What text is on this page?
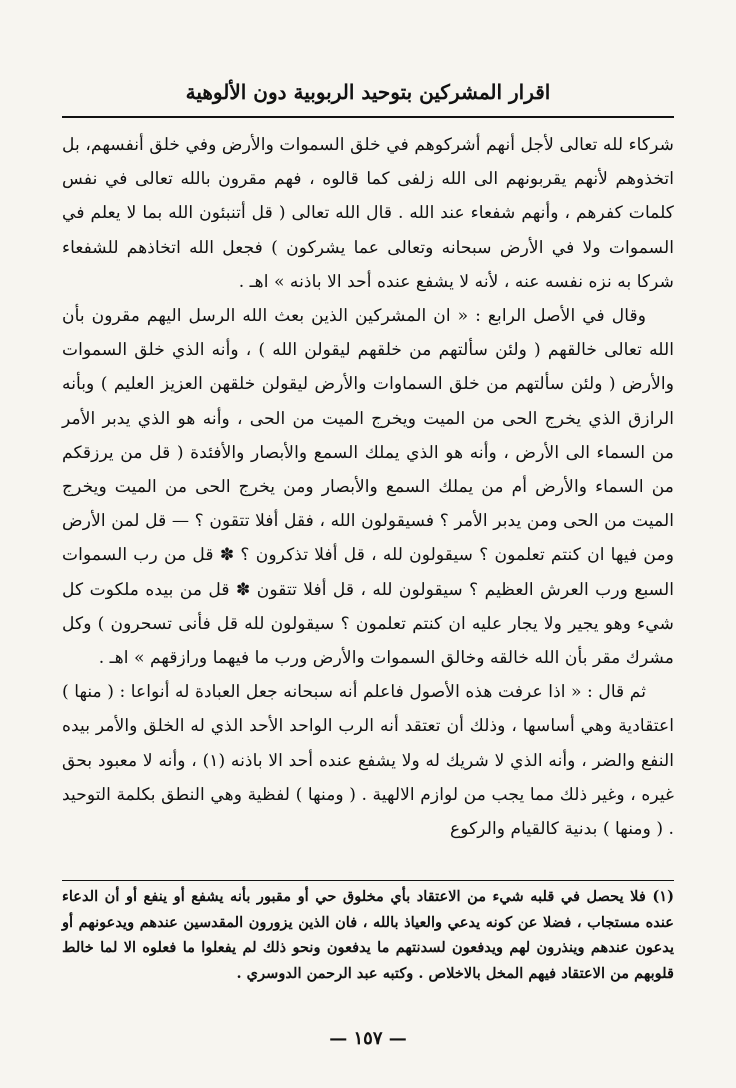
اقرار المشركين بتوحيد الربوبية دون الألوهية

شركاء لله تعالى لأجل أنهم أشركوهم في خلق السموات والأرض وفي خلق أنفسهم، بل اتخذوهم لأنهم يقربونهم الى الله زلفى كما قالوه ، فهم مقرون بالله تعالى في نفس كلمات كفرهم ، وأنهم شفعاء عند الله . قال الله تعالى ( قل أتنبئون الله بما لا يعلم في السموات ولا في الأرض سبحانه وتعالى عما يشركون ) فجعل الله اتخاذهم للشفعاء شركا به نزه نفسه عنه ، لأنه لا يشفع عنده أحد الا باذنه » اهـ .

وقال في الأصل الرابع : « ان المشركين الذين بعث الله الرسل اليهم مقرون بأن الله تعالى خالقهم ( ولئن سألتهم من خلقهم ليقولن الله ) ، وأنه الذي خلق السموات والأرض ( ولئن سألتهم من خلق السماوات والأرض ليقولن خلقهن العزيز العليم ) وبأنه الرازق الذي يخرج الحى من الميت ويخرج الميت من الحى ، وأنه هو الذي يدبر الأمر من السماء الى الأرض ، وأنه هو الذي يملك السمع والأبصار والأفئدة ( قل من يرزقكم من السماء والأرض أم من يملك السمع والأبصار ومن يخرج الحى من الميت ويخرج الميت من الحى ومن يدبر الأمر ؟ فسيقولون الله ، فقل أفلا تتقون ؟ — قل لمن الأرض ومن فيها ان كنتم تعلمون ؟ سيقولون لله ، قل أفلا تذكرون ؟ ✽ قل من رب السموات السبع ورب العرش العظيم ؟ سيقولون لله ، قل أفلا تتقون ✽ قل من بيده ملكوت كل شيء وهو يجير ولا يجار عليه ان كنتم تعلمون ؟ سيقولون لله قل فأنى تسحرون ) وكل مشرك مقر بأن الله خالقه وخالق السموات والأرض ورب ما فيهما ورازقهم » اهـ .

ثم قال : « اذا عرفت هذه الأصول فاعلم أنه سبحانه جعل العبادة له أنواعا : ( منها ) اعتقادية وهي أساسها ، وذلك أن تعتقد أنه الرب الواحد الأحد الذي له الخلق والأمر بيده النفع والضر ، وأنه الذي لا شريك له ولا يشفع عنده أحد الا باذنه (١) ، وأنه لا معبود بحق غيره ، وغير ذلك مما يجب من لوازم الالهية . ( ومنها ) لفظية وهي النطق بكلمة التوحيد . ( ومنها ) بدنية كالقيام والركوع

(١) فلا يحصل في قلبه شيء من الاعتقاد بأي مخلوق حي أو مقبور بأنه يشفع أو ينفع أو أن الدعاء عنده مستجاب ، فضلا عن كونه يدعي والعياذ بالله ، فان الذين يزورون المقدسين عندهم ويدعونهم أو يدعون عندهم وينذرون لهم ويدفعون لسدنتهم ما يدفعون ونحو ذلك لم يفعلوا ما فعلوه الا لما خالط قلوبهم من الاعتقاد فيهم المخل بالاخلاص . وكتبه عبد الرحمن الدوسري .

— ١٥٧ —
